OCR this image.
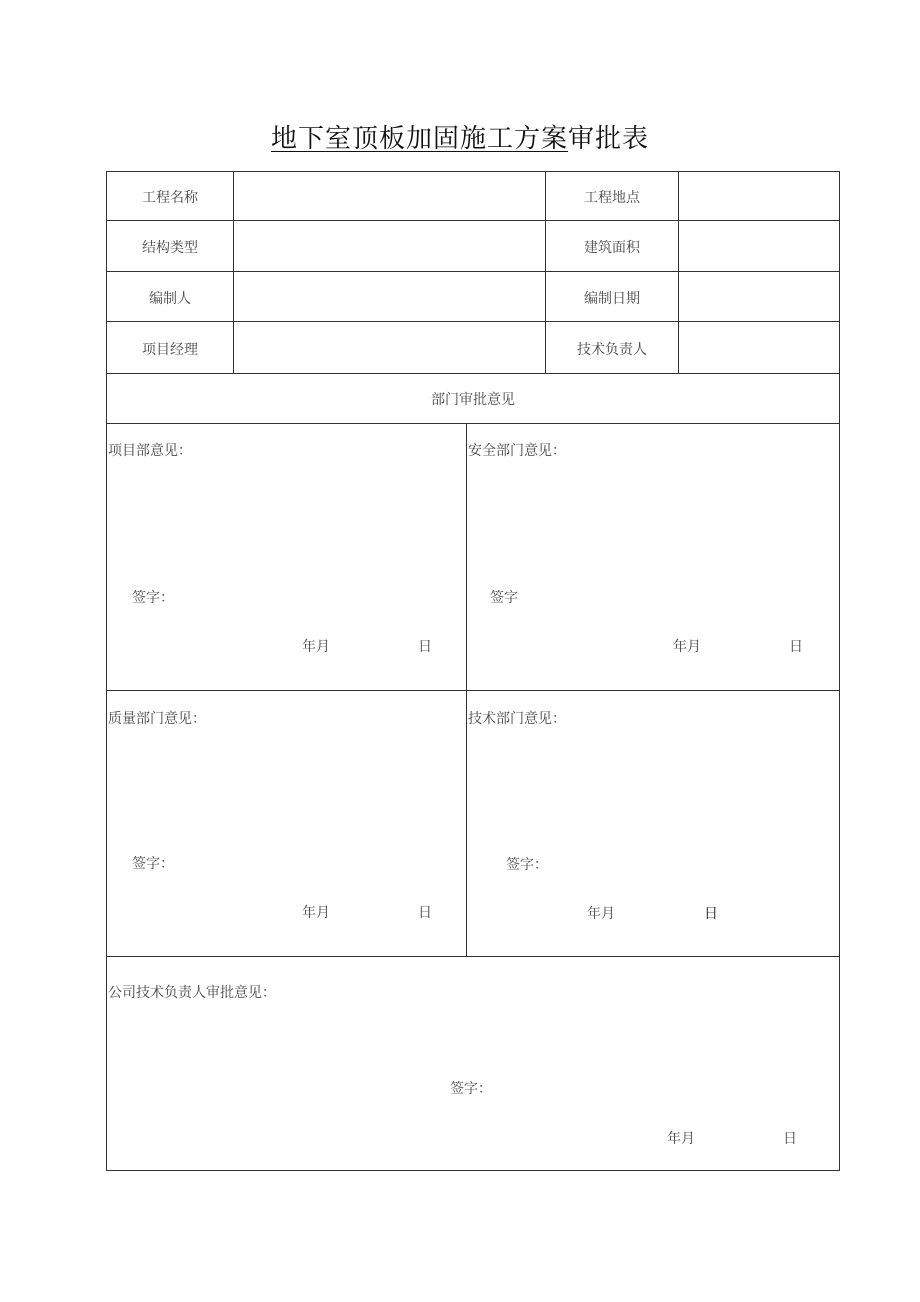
地下室顶板加固施工方案审批表
工程名称	工程地点
结构类型	建筑面积
编制人	编制日期
项目经理	技术负责人
部门审批意见
项目部意见：
签字：
年月	日
安全部门意见：
签字
年月	日
质量部门意见：
签字：
年月	日
技术部门意见：
签字：
年月	日
公司技术负责人审批意见：
签字：
年月	日
